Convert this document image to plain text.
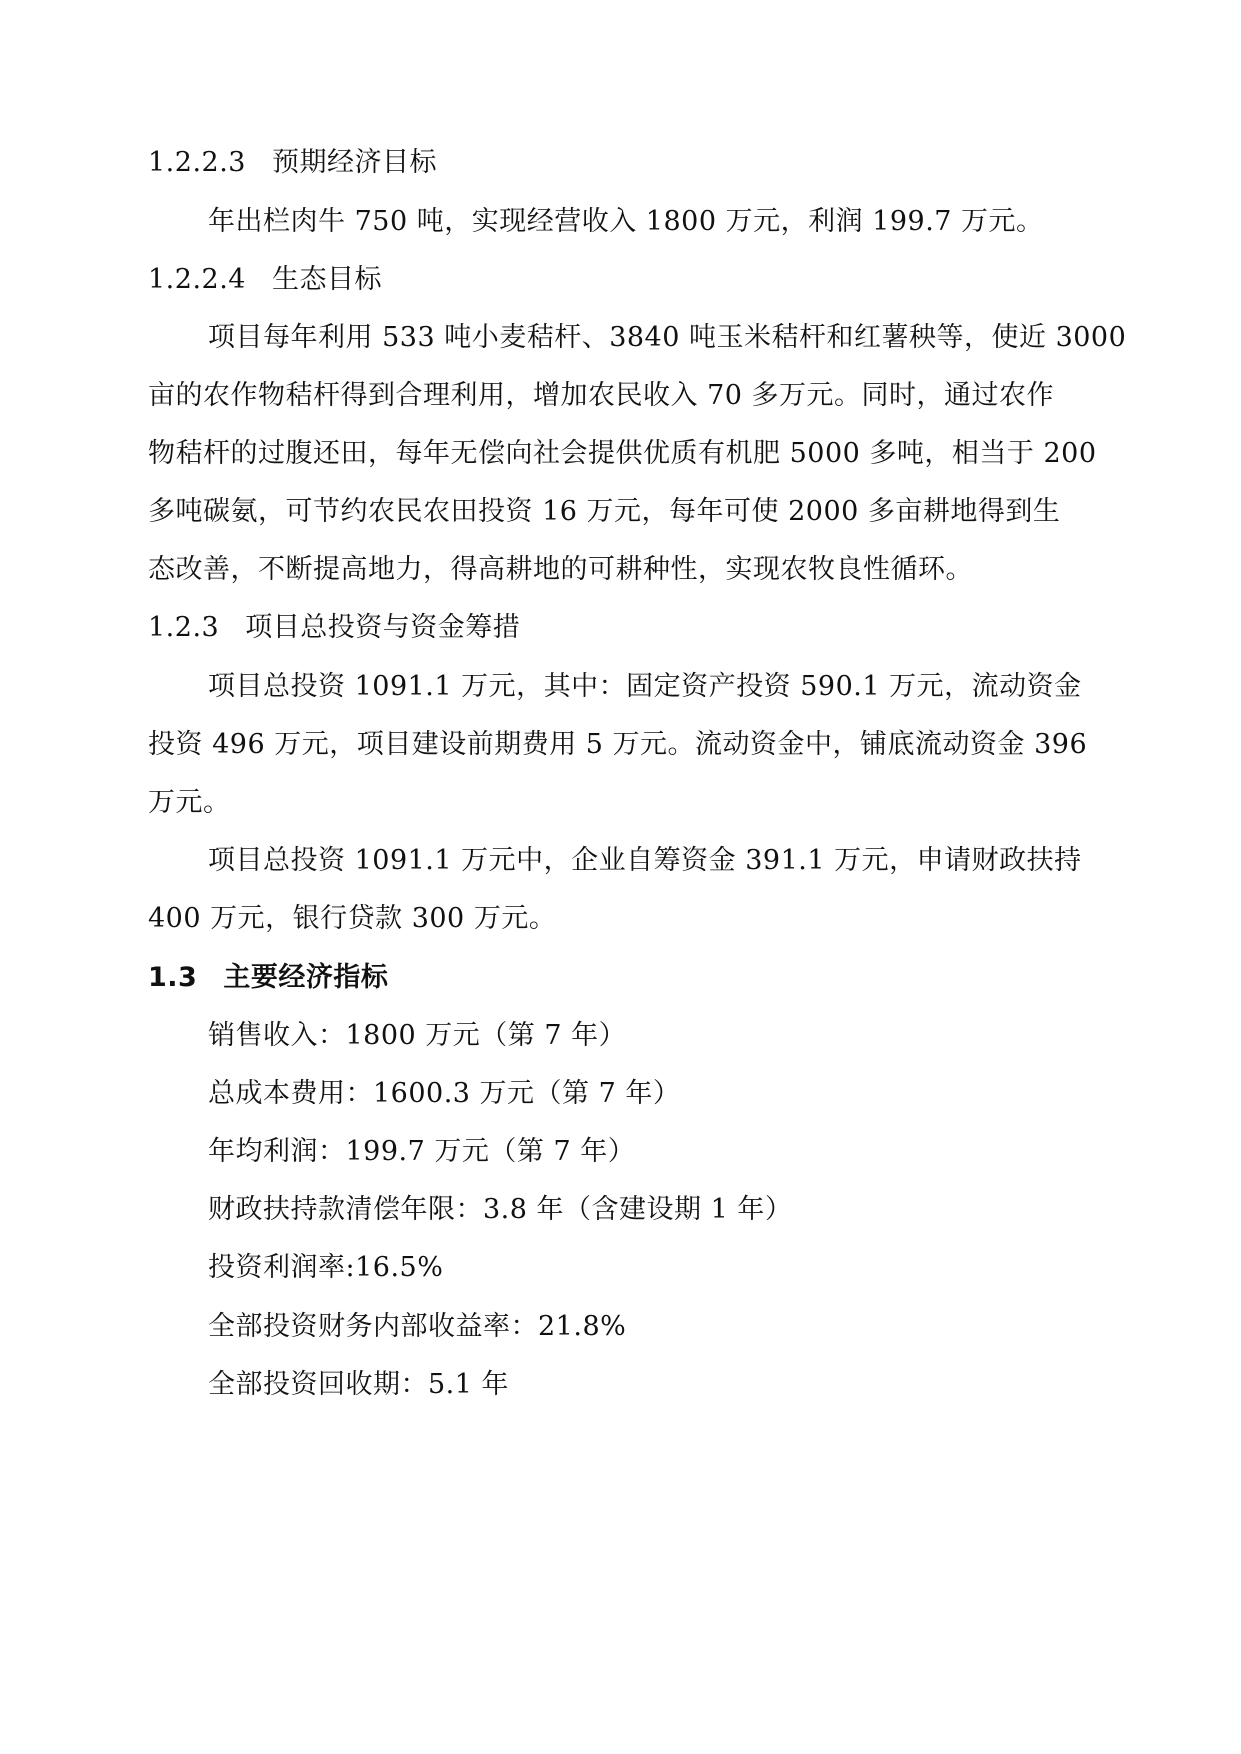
1.2.2.3 预期经济目标
年出栏肉牛 750 吨，实现经营收入 1800 万元，利润 199.7 万元。
1.2.2.4 生态目标
项目每年利用 533 吨小麦秸杆、3840 吨玉米秸杆和红薯秧等，使近 3000
亩的农作物秸杆得到合理利用，增加农民收入 70 多万元。同时，通过农作
物秸杆的过腹还田，每年无偿向社会提供优质有机肥 5000 多吨，相当于 200
多吨碳氨，可节约农民农田投资 16 万元，每年可使 2000 多亩耕地得到生
态改善，不断提高地力，得高耕地的可耕种性，实现农牧良性循环。
1.2.3 项目总投资与资金筹措
项目总投资 1091.1 万元，其中：固定资产投资 590.1 万元，流动资金
投资 496 万元，项目建设前期费用 5 万元。流动资金中，铺底流动资金 396
万元。
项目总投资 1091.1 万元中，企业自筹资金 391.1 万元，申请财政扶持
400 万元，银行贷款 300 万元。
1.3 主要经济指标
销售收入：1800 万元（第 7 年）
总成本费用：1600.3 万元（第 7 年）
年均利润：199.7 万元（第 7 年）
财政扶持款清偿年限：3.8 年（含建设期 1 年）
投资利润率:16.5%
全部投资财务内部收益率：21.8%
全部投资回收期：5.1 年
